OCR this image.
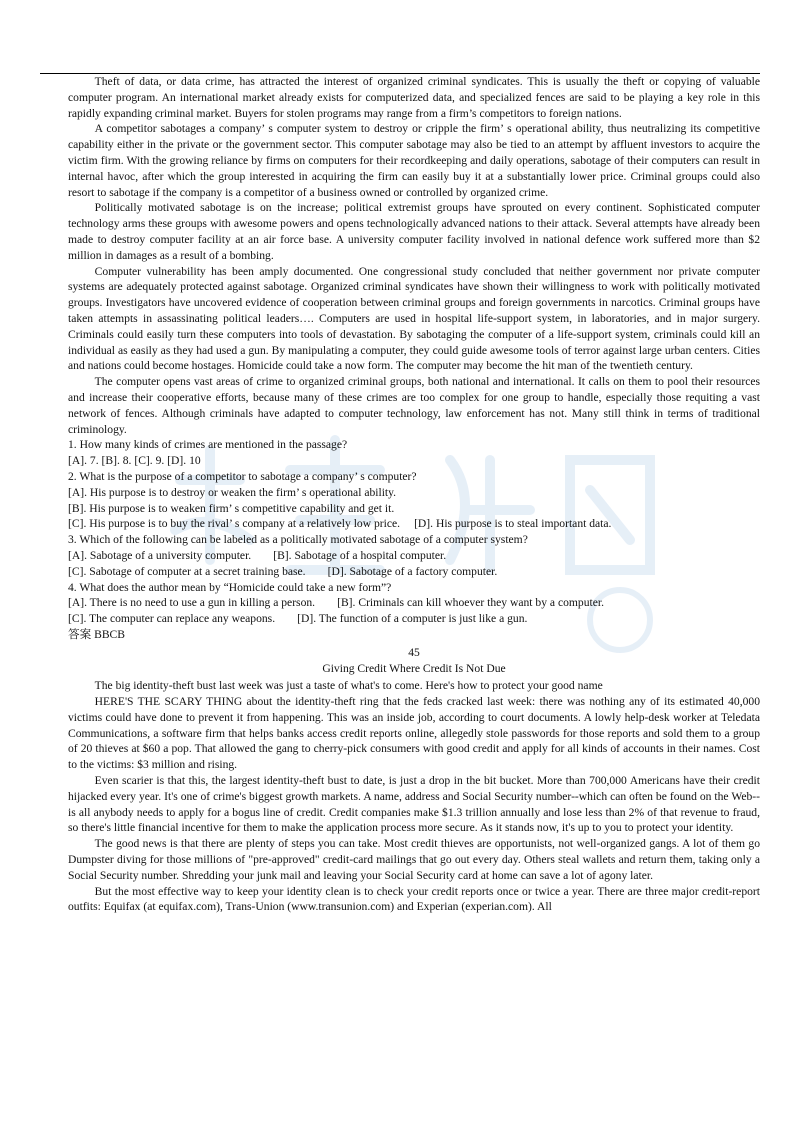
Theft of data, or data crime, has attracted the interest of organized criminal syndicates. This is usually the theft or copying of valuable computer program. An international market already exists for computerized data, and specialized fences are said to be playing a key role in this rapidly expanding criminal market. Buyers for stolen programs may range from a firm’s competitors to foreign nations.

A competitor sabotages a company’ s computer system to destroy or cripple the firm’ s operational ability, thus neutralizing its competitive capability either in the private or the government sector. This computer sabotage may also be tied to an attempt by affluent investors to acquire the victim firm. With the growing reliance by firms on computers for their recordkeeping and daily operations, sabotage of their computers can result in internal havoc, after which the group interested in acquiring the firm can easily buy it at a substantially lower price. Criminal groups could also resort to sabotage if the company is a competitor of a business owned or controlled by organized crime.

Politically motivated sabotage is on the increase; political extremist groups have sprouted on every continent. Sophisticated computer technology arms these groups with awesome powers and opens technologically advanced nations to their attack. Several attempts have already been made to destroy computer facility at an air force base. A university computer facility involved in national defence work suffered more than $2 million in damages as a result of a bombing.

Computer vulnerability has been amply documented. One congressional study concluded that neither government nor private computer systems are adequately protected against sabotage. Organized criminal syndicates have shown their willingness to work with politically motivated groups. Investigators have uncovered evidence of cooperation between criminal groups and foreign governments in narcotics. Criminal groups have taken attempts in assassinating political leaders…. Computers are used in hospital life-support system, in laboratories, and in major surgery. Criminals could easily turn these computers into tools of devastation. By sabotaging the computer of a life-support system, criminals could kill an individual as easily as they had used a gun. By manipulating a computer, they could guide awesome tools of terror against large urban centers. Cities and nations could become hostages. Homicide could take a now form. The computer may become the hit man of the twentieth century.

The computer opens vast areas of crime to organized criminal groups, both national and international. It calls on them to pool their resources and increase their cooperative efforts, because many of these crimes are too complex for one group to handle, especially those requiting a vast network of fences. Although criminals have adapted to computer technology, law enforcement has not. Many still think in terms of traditional criminology.

1. How many kinds of crimes are mentioned in the passage?
[A]. 7. [B]. 8. [C]. 9. [D]. 10
2. What is the purpose of a competitor to sabotage a company’ s computer?
[A]. His purpose is to destroy or weaken the firm’ s operational ability.
[B]. His purpose is to weaken firm’ s competitive capability and get it.
[C]. His purpose is to buy the rival’ s company at a relatively low price. [D]. His purpose is to steal important data.
3. Which of the following can be labeled as a politically motivated sabotage of a computer system?
[A]. Sabotage of a university computer. [B]. Sabotage of a hospital computer.
[C]. Sabotage of computer at a secret training base. [D]. Sabotage of a factory computer.
4. What does the author mean by “Homicide could take a new form”?
[A]. There is no need to use a gun in killing a person. [B]. Criminals can kill whoever they want by a computer.
[C]. The computer can replace any weapons. [D]. The function of a computer is just like a gun.
答案 BBCB
45
Giving Credit Where Credit Is Not Due
The big identity-theft bust last week was just a taste of what's to come. Here's how to protect your good name

HERE'S THE SCARY THING about the identity-theft ring that the feds cracked last week: there was nothing any of its estimated 40,000 victims could have done to prevent it from happening. This was an inside job, according to court documents. A lowly help-desk worker at Teledata Communications, a software firm that helps banks access credit reports online, allegedly stole passwords for those reports and sold them to a group of 20 thieves at $60 a pop. That allowed the gang to cherry-pick consumers with good credit and apply for all kinds of accounts in their names. Cost to the victims: $3 million and rising.

Even scarier is that this, the largest identity-theft bust to date, is just a drop in the bit bucket. More than 700,000 Americans have their credit hijacked every year. It's one of crime's biggest growth markets. A name, address and Social Security number--which can often be found on the Web--is all anybody needs to apply for a bogus line of credit. Credit companies make $1.3 trillion annually and lose less than 2% of that revenue to fraud, so there's little financial incentive for them to make the application process more secure. As it stands now, it's up to you to protect your identity.

The good news is that there are plenty of steps you can take. Most credit thieves are opportunists, not well-organized gangs. A lot of them go Dumpster diving for those millions of "pre-approved" credit-card mailings that go out every day. Others steal wallets and return them, taking only a Social Security number. Shredding your junk mail and leaving your Social Security card at home can save a lot of agony later.

But the most effective way to keep your identity clean is to check your credit reports once or twice a year. There are three major credit-report outfits: Equifax (at equifax.com), Trans-Union (www.transunion.com) and Experian (experian.com). All
